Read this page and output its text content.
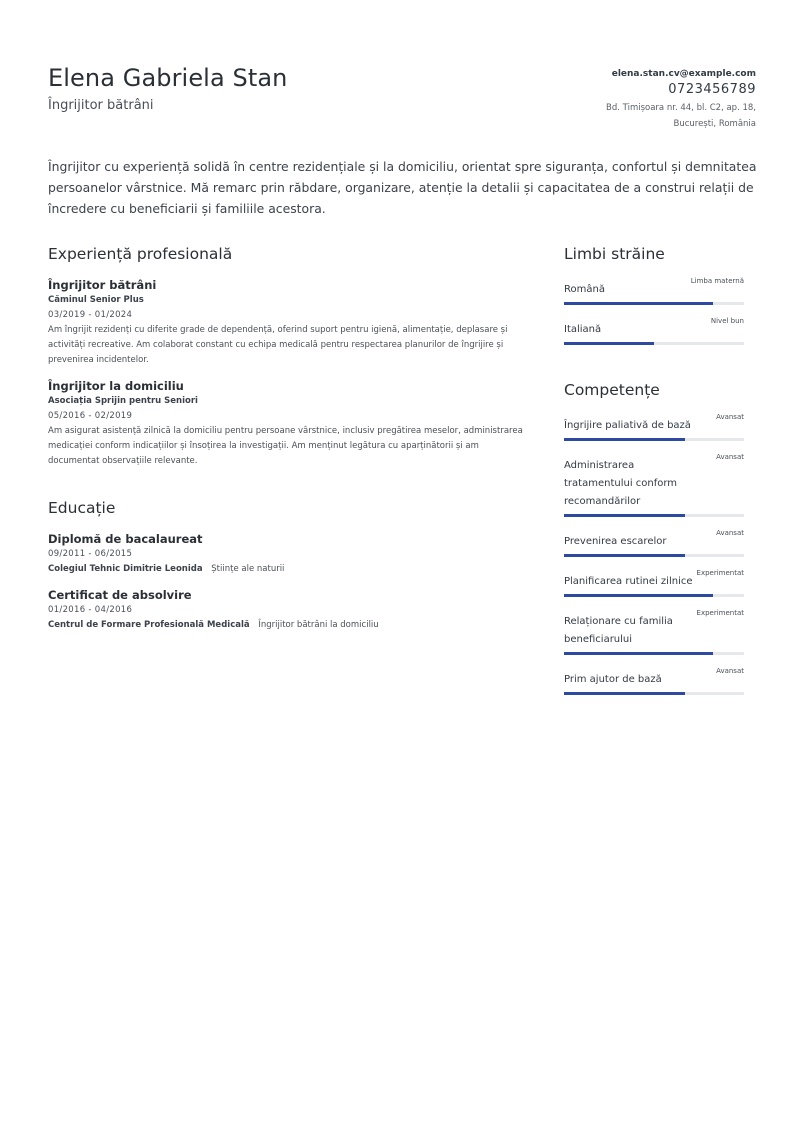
Elena Gabriela Stan
Îngrijitor bătrâni
elena.stan.cv@example.com
0723456789
Bd. Timișoara nr. 44, bl. C2, ap. 18,
București, România
Îngrijitor cu experiență solidă în centre rezidențiale și la domiciliu, orientat spre siguranța, confortul și demnitatea persoanelor vârstnice. Mă remarc prin răbdare, organizare, atenție la detalii și capacitatea de a construi relații de încredere cu beneficiarii și familiile acestora.
Experiență profesională
Îngrijitor bătrâni
Căminul Senior Plus
03/2019 - 01/2024
Am îngrijit rezidenți cu diferite grade de dependență, oferind suport pentru igienă, alimentație, deplasare și activități recreative. Am colaborat constant cu echipa medicală pentru respectarea planurilor de îngrijire și prevenirea incidentelor.
Îngrijitor la domiciliu
Asociația Sprijin pentru Seniori
05/2016 - 02/2019
Am asigurat asistență zilnică la domiciliu pentru persoane vârstnice, inclusiv pregătirea meselor, administrarea medicației conform indicațiilor și însoțirea la investigații. Am menținut legătura cu aparținătorii și am documentat observațiile relevante.
Educație
Diplomă de bacalaureat
09/2011 - 06/2015
Colegiul Tehnic Dimitrie Leonida Științe ale naturii
Certificat de absolvire
01/2016 - 04/2016
Centrul de Formare Profesională Medicală Îngrijitor bătrâni la domiciliu
Limbi străine
Română
Limba maternă
Italiană
Nivel bun
Competențe
Îngrijire paliativă de bază
Avansat
Administrarea tratamentului conform recomandărilor
Avansat
Prevenirea escarelor
Avansat
Planificarea rutinei zilnice
Experimentat
Relaționare cu familia beneficiarului
Experimentat
Prim ajutor de bază
Avansat
